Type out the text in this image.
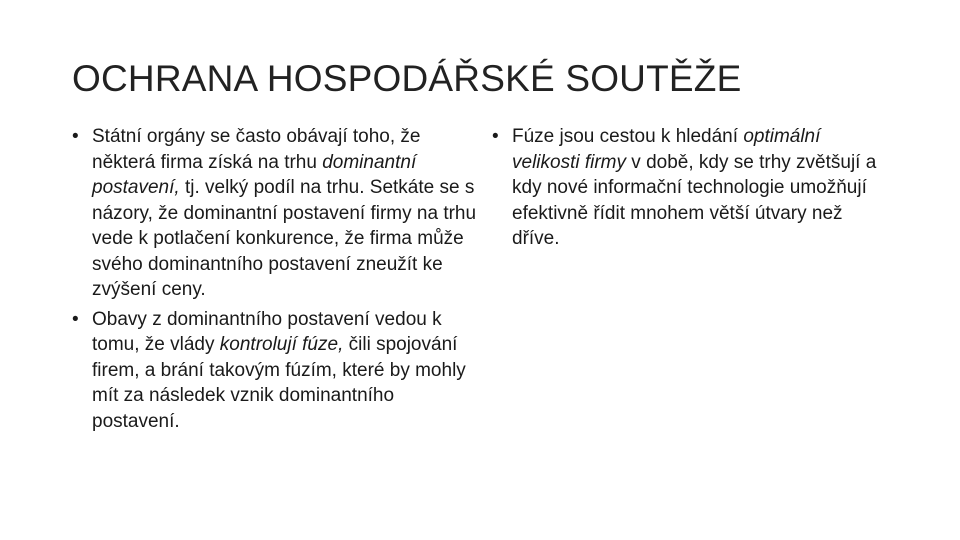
OCHRANA HOSPODÁŘSKÉ SOUTĚŽE
• Státní orgány se často obávají toho, že některá firma získá na trhu dominantní postavení, tj. velký podíl na trhu. Setkáte se s názory, že dominantní postavení firmy na trhu vede k potlačení konkurence, že firma může svého dominantního postavení zneužít ke zvýšení ceny.
• Obavy z dominantního postavení vedou k tomu, že vlády kontrolují fúze, čili spojování firem, a brání takovým fúzím, které by mohly mít za následek vznik dominantního postavení.
• Fúze jsou cestou k hledání optimální velikosti firmy v době, kdy se trhy zvětšují a kdy nové informační technologie umožňují efektivně řídit mnohem větší útvary než dříve.
